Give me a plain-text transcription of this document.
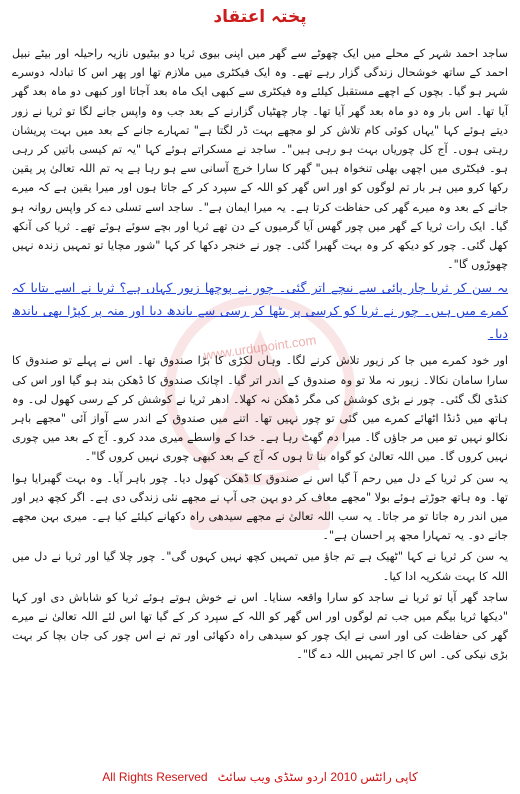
www.urdupoint.com
پختہ اعتقاد

ساجد احمد شہر کے محلے میں ایک چھوٹے سے گھر میں اپنی بیوی ثریا دو بیٹیوں نازیہ راحیلہ اور بیٹے نبیل احمد کے ساتھ خوشحال زندگی گزار رہے تھے۔ وہ ایک فیکٹری میں ملازم تھا اور پھر اس کا تبادلہ دوسرے شہر ہو گیا۔ بچوں کے اچھے مستقبل کیلئے وہ فیکٹری سے کبھی ایک ماہ بعد آجاتا اور کبھی دو ماہ بعد گھر آیا تھا۔ اس بار وہ دو ماہ بعد گھر آیا تھا۔ چار چھٹیاں گزارنے کے بعد جب وہ واپس جانے لگا تو ثریا نے زور دیتے ہوئے کہا "یہاں کوئی کام تلاش کر لو مجھے بہت ڈر لگتا ہے" تمہارے جانے کے بعد میں بہت پریشان رہتی ہوں۔ آج کل چوریاں بہت ہو رہی ہیں"۔ ساجد نے مسکراتے ہوئے کہا "یہ تم کیسی باتیں کر رہی ہو۔ فیکٹری میں اچھی بھلی تنخواہ ہیں" گھر کا سارا خرچ آسانی سے ہو رہا ہے یہ تم اللہ تعالیٰ پر یقین رکھا کرو میں ہر بار تم لوگوں کو اور اس گھر کو اللہ کے سپرد کر کے جاتا ہوں اور میرا یقین ہے کہ میرے جانے کے بعد وہ میرے گھر کی حفاظت کرتا ہے۔ یہ میرا ایمان ہے"۔ ساجد اسے تسلی دے کر واپس روانہ ہو گیا۔ ایک رات ثریا کے گھر میں چور گھس آیا گرمیوں کے دن تھے ثریا اور بچے سوئے ہوئے تھے۔ ثریا کی آنکھ کھل گئی۔ چور کو دیکھ کر وہ بہت گھبرا گئی۔ چور نے خنجر دکھا کر کہا "شور مچایا تو تمہیں زندہ نہیں چھوڑوں گا"۔

یہ سن کر ثریا چار پائی سے نیچے اتر گئی۔ چور نے پوچھا زیور کہاں ہے؟ ثریا نے اسے بتایا کہ کمرے میں ہیں۔ چور نے ثریا کو کرسی پر بٹھا کر رسی سے باندھ دیا اور منہ پر کپڑا بھی باندھ دیا۔

اور خود کمرے میں جا کر زیور تلاش کرنے لگا۔ وہاں لکڑی کا بڑا صندوق تھا۔ اس نے پہلے تو صندوق کا سارا سامان نکالا۔ زیور نہ ملا تو وہ صندوق کے اندر اتر گیا۔ اچانک صندوق کا ڈھکن بند ہو گیا اور اس کی کنڈی لگ گئی۔ چور نے بڑی کوشش کی مگر ڈھکن نہ کھلا۔ ادھر ثریا نے کوشش کر کے رسی کھول لی۔ وہ ہاتھ میں ڈنڈا اٹھائے کمرے میں گئی تو چور نہیں تھا۔ اتنے میں صندوق کے اندر سے آواز آئی "مجھے باہر نکالو نہیں تو میں مر جاؤں گا۔ میرا دم گھٹ رہا ہے۔ خدا کے واسطے میری مدد کرو۔ آج کے بعد میں چوری نہیں کروں گا۔ میں اللہ تعالیٰ کو گواہ بنا تا ہوں کہ آج کے بعد کبھی چوری نہیں کروں گا"۔

یہ سن کر ثریا کے دل میں رحم آ گیا اس نے صندوق کا ڈھکن کھول دیا۔ چور باہر آیا۔ وہ بہت گھبرایا ہوا تھا۔ وہ ہاتھ جوڑتے ہوئے بولا "مجھے معاف کر دو بہن جی آپ نے مجھے نئی زندگی دی ہے۔ اگر کچھ دیر اور میں اندر رہ جاتا تو مر جاتا۔ یہ سب اللہ تعالیٰ نے مجھے سیدھی راہ دکھانے کیلئے کیا ہے۔ میری بہن مجھے جانے دو۔ یہ تمہارا مجھ پر احسان ہے"۔

یہ سن کر ثریا نے کہا "ٹھیک ہے تم جاؤ میں تمہیں کچھ نہیں کہوں گی"۔ چور چلا گیا اور ثریا نے دل میں اللہ کا بہت شکریہ ادا کیا۔

ساجد گھر آیا تو ثریا نے ساجد کو سارا واقعہ سنایا۔ اس نے خوش ہوتے ہوئے ثریا کو شاباش دی اور کہا "دیکھا ثریا بیگم میں جب تم لوگوں اور اس گھر کو اللہ کے سپرد کر کے گیا تھا اس لئے اللہ تعالیٰ نے میرے گھر کی حفاظت کی اور اسی نے ایک چور کو سیدھی راہ دکھائی اور تم نے اس چور کی جان بچا کر بہت بڑی نیکی کی۔ اس کا اجر تمہیں اللہ دے گا"۔

All Rights Reserved کاپی رائٹس 2010 اردو سٹڈی ویب سائٹ
